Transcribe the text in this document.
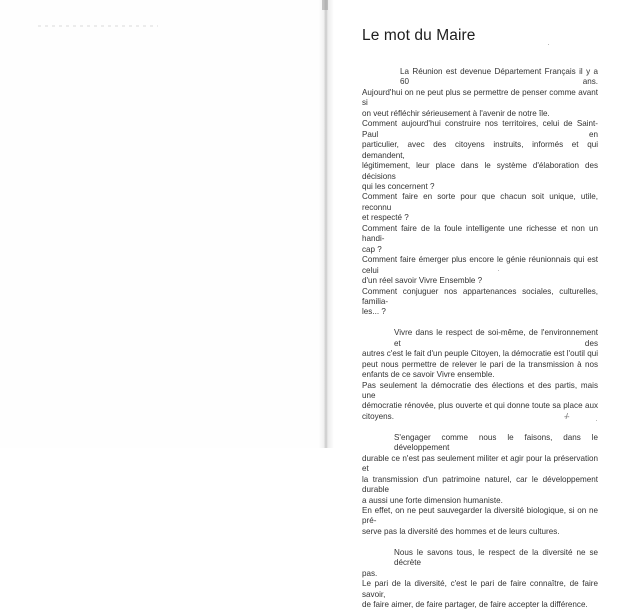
Le mot du Maire
La Réunion est devenue Département Français il y a 60 ans.
Aujourd'hui on ne peut plus se permettre de penser comme avant si
on veut réfléchir sérieusement à l'avenir de notre île.
Comment aujourd'hui construire nos territoires, celui de Saint-Paul en
particulier, avec des citoyens instruits, informés et qui demandent,
légitimement, leur place dans le système d'élaboration des décisions
qui les concernent ?
Comment faire en sorte pour que chacun soit unique, utile, reconnu
et respecté ?
Comment faire de la foule intelligente une richesse et non un handi-
cap ?
Comment faire émerger plus encore le génie réunionnais qui est celui
d'un réel savoir Vivre Ensemble ?
Comment conjuguer nos appartenances sociales, culturelles, familia-
les... ?
Vivre dans le respect de soi-même, de l'environnement et des
autres c'est le fait d'un peuple Citoyen, la démocratie est l'outil qui
peut nous permettre de relever le pari de la transmission à nos
enfants de ce savoir Vivre ensemble.
Pas seulement la démocratie des élections et des partis, mais une
démocratie rénovée, plus ouverte et qui donne toute sa place aux
citoyens.
S'engager comme nous le faisons, dans le développement
durable ce n'est pas seulement militer et agir pour la préservation et
la transmission d'un patrimoine naturel, car le développement durable
a aussi une forte dimension humaniste.
En effet, on ne peut sauvegarder la diversité biologique, si on ne pré-
serve pas la diversité des hommes et de leurs cultures.
Nous le savons tous, le respect de la diversité ne se décrète
pas.
Le pari de la diversité, c'est le pari de faire connaître, de faire savoir,
de faire aimer, de faire partager, de faire accepter la différence.
-/-
